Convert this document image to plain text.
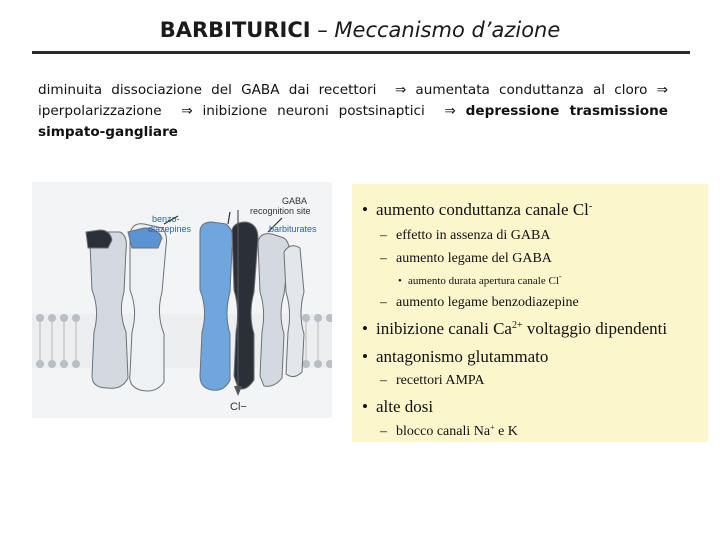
BARBITURICI – Meccanismo d’azione
diminuita dissociazione del GABA dai recettori ⇒ aumentata conduttanza al cloro ⇒ iperpolarizzazione ⇒ inibizione neuroni postsinaptici ⇒ depressione trasmissione simpato-gangliare
benzo-
diazepines
GABA
recognition site
barbiturates
Cl−
• aumento conduttanza canale Cl-
– effetto in assenza di GABA
– aumento legame del GABA
• aumento durata apertura canale Cl-
– aumento legame benzodiazepine
• inibizione canali $Ca^{2+}$ voltaggio dipendenti
• antagonismo glutammato
– recettori AMPA
• alte dosi
– blocco canali Na+ e K
